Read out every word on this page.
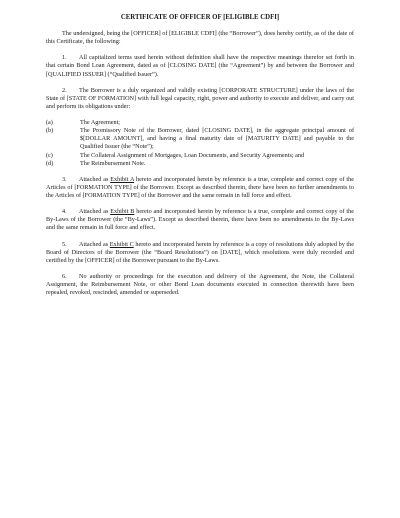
CERTIFICATE OF OFFICER OF [ELIGIBLE CDFI]

The undersigned, being the [OFFICER] of [ELIGIBLE CDFI] (the “Borrower”), does hereby certify, as of the date of this Certificate, the following:

1.  All capitalized terms used herein without definition shall have the respective meanings therefor set forth in that certain Bond Loan Agreement, dated as of [CLOSING DATE] (the “Agreement”) by and between the Borrower and [QUALIFIED ISSUER] (“Qualified Issuer”).

2.  The Borrower is a duly organized and validly existing [CORPORATE STRUCTURE] under the laws of the State of [STATE OF FORMATION] with full legal capacity, right, power and authority to execute and deliver, and carry out and perform its obligations under:

(a)	The Agreement;
(b)	The Promissory Note of the Borrower, dated [CLOSING DATE], in the aggregate principal amount of $[DOLLAR AMOUNT], and having a final maturity date of [MATURITY DATE] and payable to the Qualified Issuer (the “Note”);
(c)	The Collateral Assignment of Mortgages, Loan Documents, and Security Agreements; and
(d)	The Reimbursement Note.

3.  Attached as Exhibit A hereto and incorporated herein by reference is a true, complete and correct copy of the Articles of [FORMATION TYPE] of the Borrower. Except as described therein, there have been no further amendments to the Articles of [FORMATION TYPE] of the Borrower and the same remain in full force and effect.

4.  Attached as Exhibit B hereto and incorporated herein by reference is a true, complete and correct copy of the By-Laws of the Borrower (the “By-Laws”). Except as described therein, there have been no amendments to the By-Laws and the same remain in full force and effect.

5.  Attached as Exhibit C hereto and incorporated herein by reference is a copy of resolutions duly adopted by the Board of Directors of the Borrower (the “Board Resolutions”) on [DATE], which resolutions were duly recorded and certified by the [OFFICER] of the Borrower pursuant to the By-Laws.

6.  No authority or proceedings for the execution and delivery of the Agreement, the Note, the Collateral Assignment, the Reimbursement Note, or other Bond Loan documents executed in connection therewith have been repealed, revoked, rescinded, amended or superseded.
